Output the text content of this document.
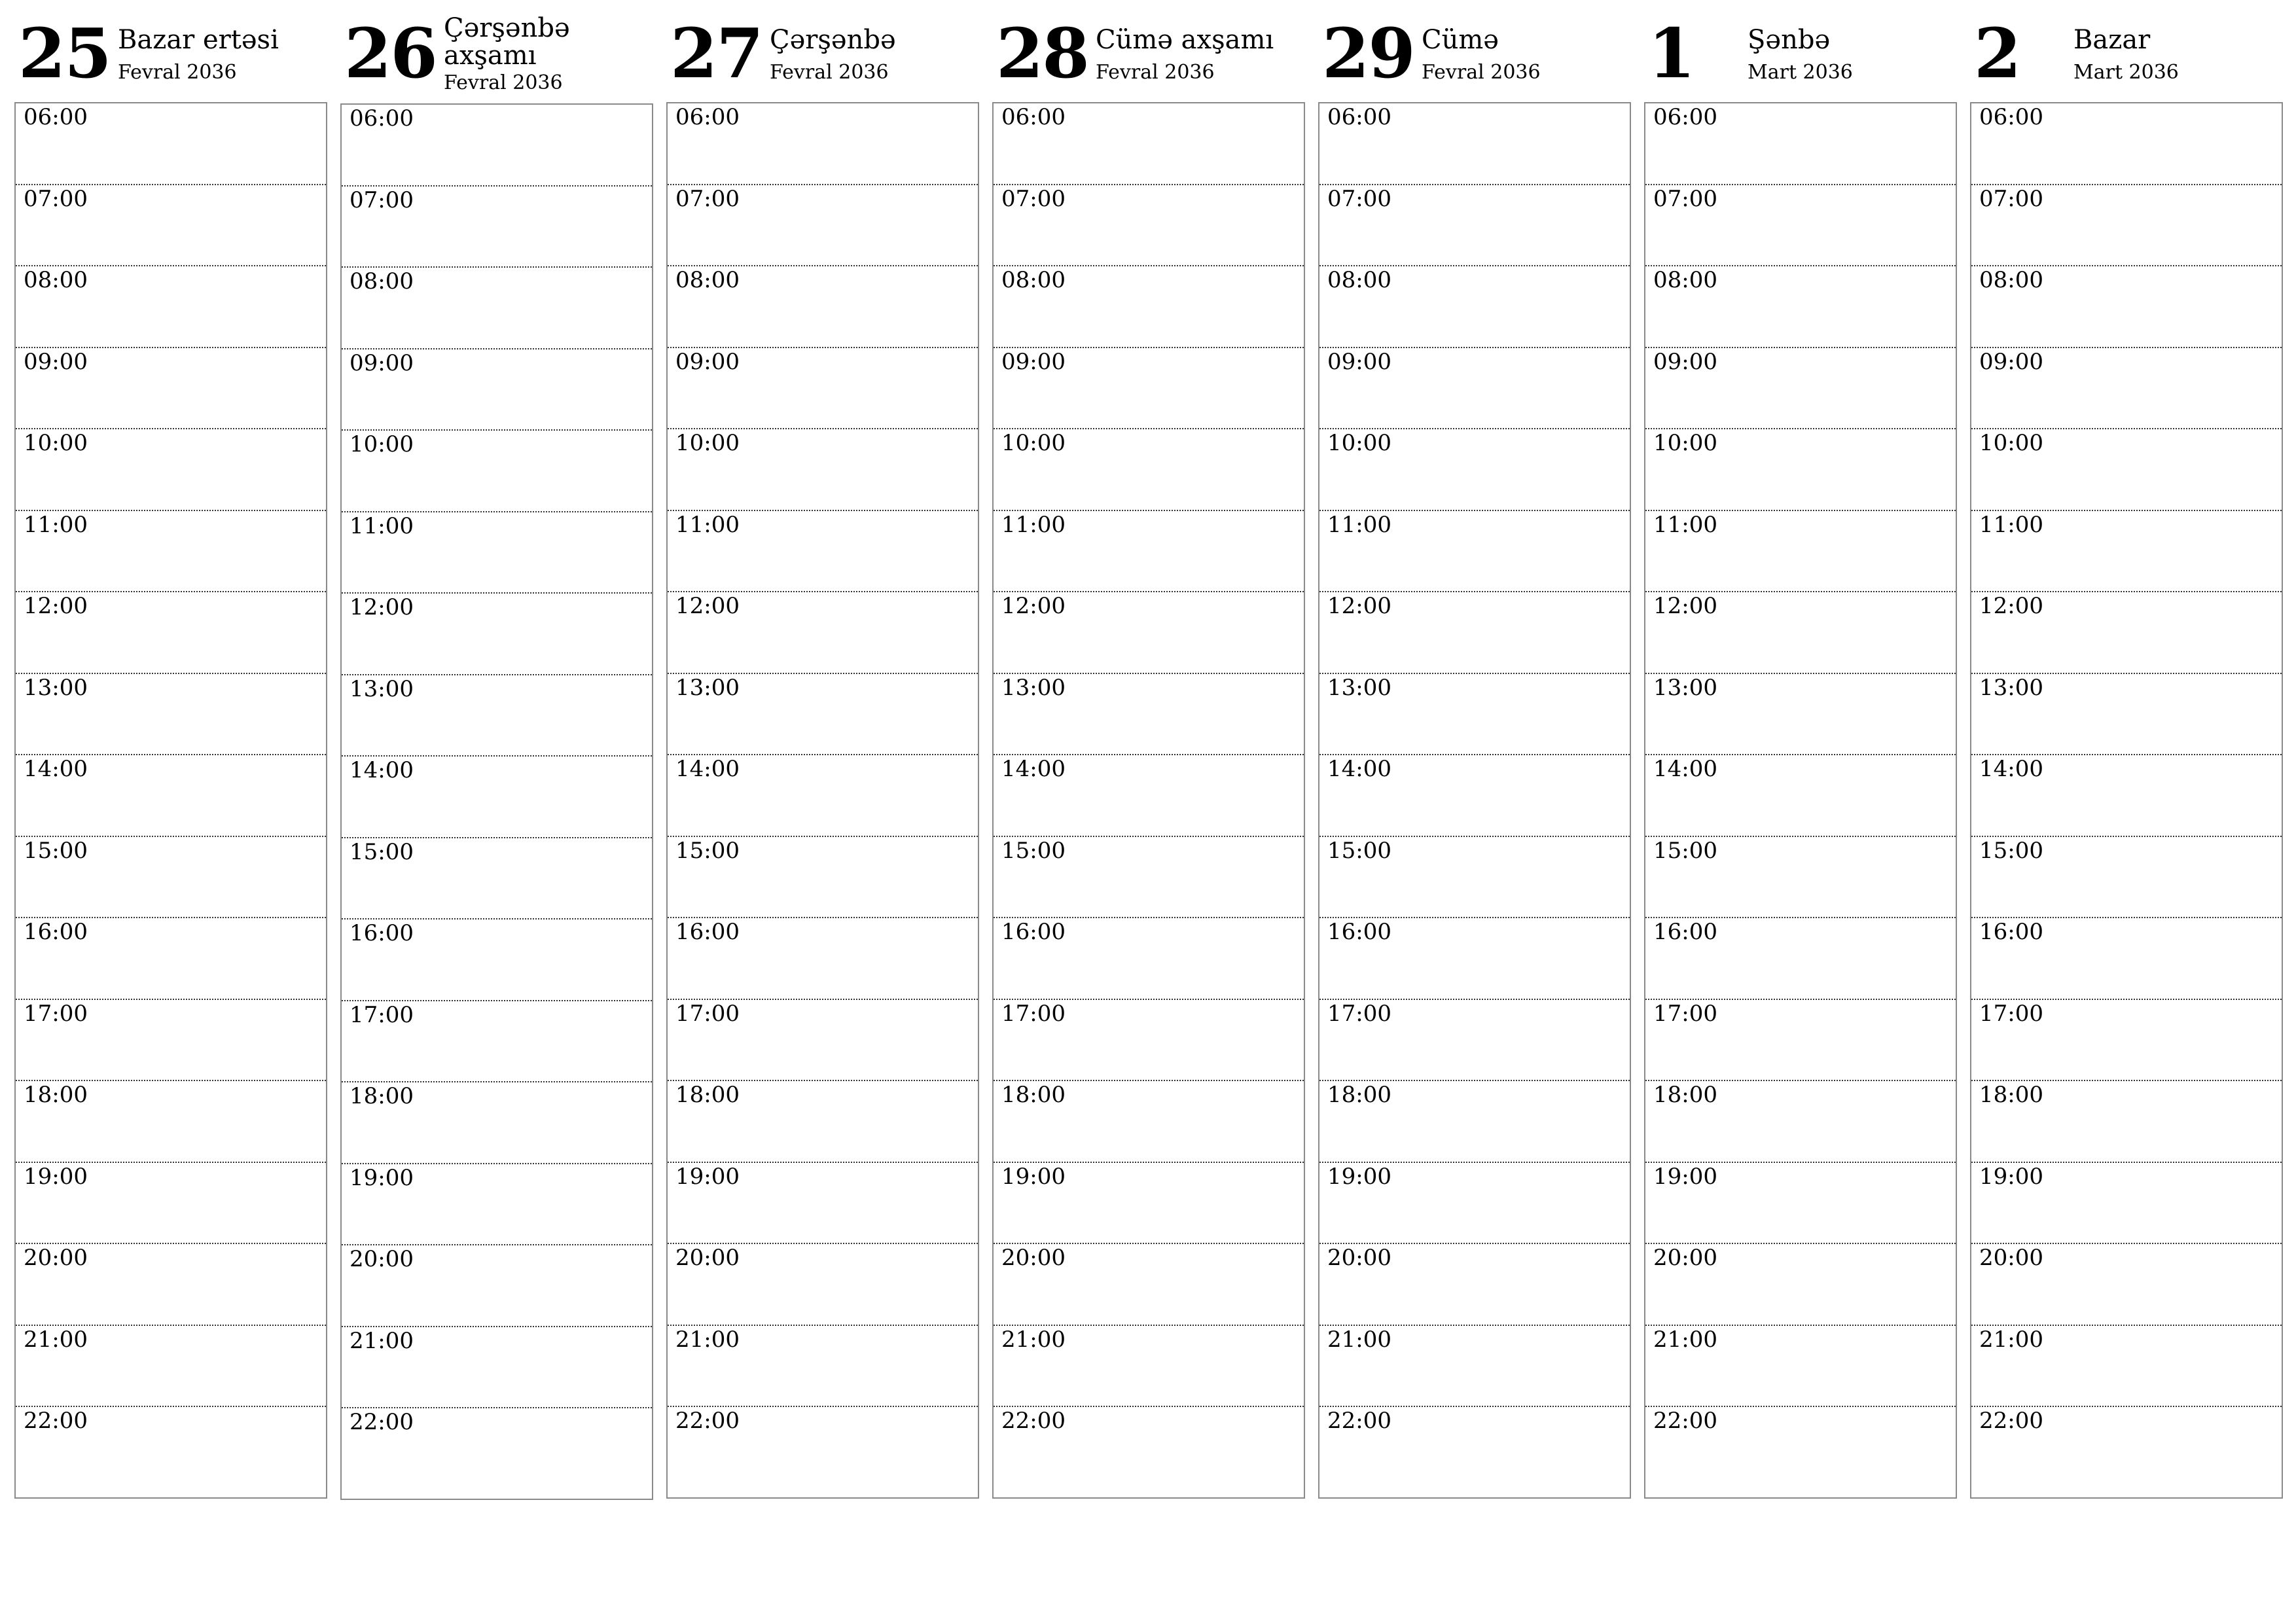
25 Bazar ertəsi
Fevral 2036
06:00
07:00
08:00
09:00
10:00
11:00
12:00
13:00
14:00
15:00
16:00
17:00
18:00
19:00
20:00
21:00
22:00
26 Çərşənbə axşamı
Fevral 2036
06:00
07:00
08:00
09:00
10:00
11:00
12:00
13:00
14:00
15:00
16:00
17:00
18:00
19:00
20:00
21:00
22:00
27 Çərşənbə
Fevral 2036
06:00
07:00
08:00
09:00
10:00
11:00
12:00
13:00
14:00
15:00
16:00
17:00
18:00
19:00
20:00
21:00
22:00
28 Cümə axşamı
Fevral 2036
06:00
07:00
08:00
09:00
10:00
11:00
12:00
13:00
14:00
15:00
16:00
17:00
18:00
19:00
20:00
21:00
22:00
29 Cümə
Fevral 2036
06:00
07:00
08:00
09:00
10:00
11:00
12:00
13:00
14:00
15:00
16:00
17:00
18:00
19:00
20:00
21:00
22:00
1 Şənbə
Mart 2036
06:00
07:00
08:00
09:00
10:00
11:00
12:00
13:00
14:00
15:00
16:00
17:00
18:00
19:00
20:00
21:00
22:00
2 Bazar
Mart 2036
06:00
07:00
08:00
09:00
10:00
11:00
12:00
13:00
14:00
15:00
16:00
17:00
18:00
19:00
20:00
21:00
22:00
